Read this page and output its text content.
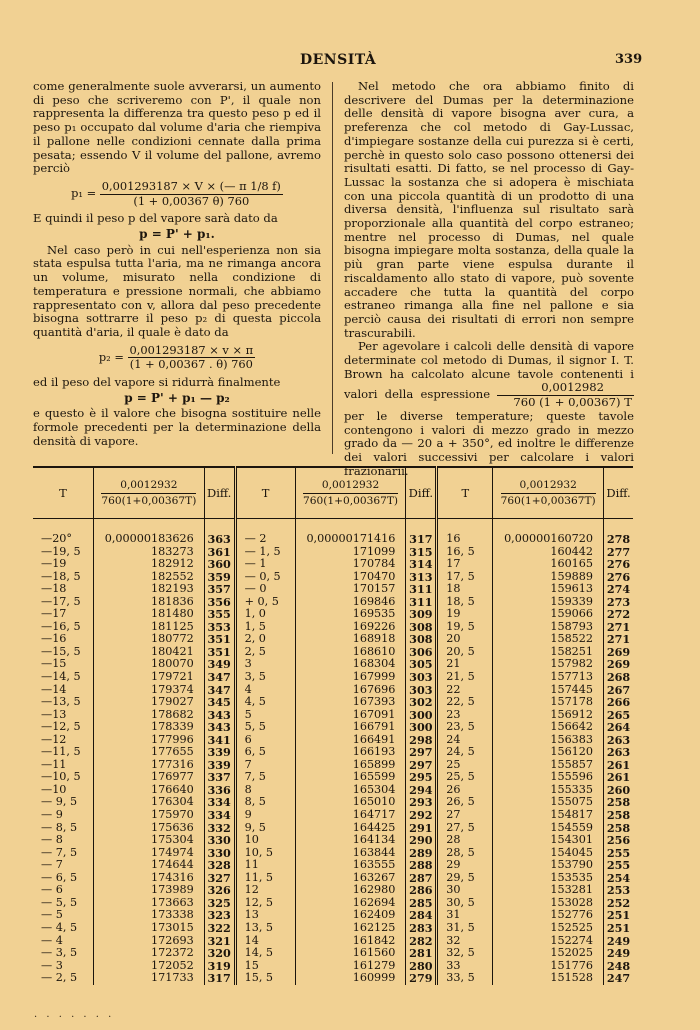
DENSITÀ	339

come generalmente suole avverarsi, un aumento di peso che scriveremo con P', il quale non rappresenta la differenza tra questo peso p ed il peso p₁ occupato dal volume d'aria che riempiva il pallone nelle condizioni cennate dalla prima pesata; essendo V il volume del pallone, avremo perciò

$p_1 = \frac{0,001293187 \times V \times (— \pi 1/8 f)}{(1 + 0,00367 \theta) 760}$

E quindi il peso p del vapore sarà dato da

p = P' + p₁.

Nel caso però in cui nell'esperienza non sia stata espulsa tutta l'aria, ma ne rimanga ancora un volume, misurato nella condizione di temperatura e pressione normali, che abbiamo rappresentato con v, allora dal peso precedente bisogna sottrarre il peso p₂ di questa piccola quantità d'aria, il quale è dato da

$p_2 = \frac{0,001293187 \times v \times \pi}{(1 + 0,00367 . \theta) 760}$

ed il peso del vapore si ridurrà finalmente

p = P' + p₁ — p₂

e questo è il valore che bisogna sostituire nelle formole precedenti per la determinazione della densità di vapore.

Nel metodo che ora abbiamo finito di descrivere del Dumas per la determinazione delle densità di vapore bisogna aver cura, a preferenza che col metodo di Gay-Lussac, d'impiegare sostanze della cui purezza si è certi, perchè in questo solo caso possono ottenersi dei risultati esatti. Di fatto, se nel processo di Gay-Lussac la sostanza che si adopera è mischiata con una piccola quantità di un prodotto di una diversa densità, l'influenza sul risultato sarà proporzionale alla quantità del corpo estraneo; mentre nel processo di Dumas, nel quale bisogna impiegare molta sostanza, della quale la più gran parte viene espulsa durante il riscaldamento allo stato di vapore, può sovente accadere che tutta la quantità del corpo estraneo rimanga alla fine nel pallone e sia perciò causa dei risultati di errori non sempre trascurabili.

Per agevolare i calcoli delle densità di vapore determinate col metodo di Dumas, il signor I. T. Brown ha calcolato alcune tavole contenenti i valori della espressione $\frac{0,0012982}{760 (1 + 0,00367) T}$
per le diverse temperature; queste tavole contengono i valori di mezzo grado in mezzo grado da — 20 a + 350°, ed inoltre le differenze dei valori successivi per calcolare i valori frazionarii.

T	$\frac{0,0012932}{760(1+0,00367T)}$	Diff.	T	$\frac{0,0012932}{760(1+0,00367T)}$	Diff.	T	$\frac{0,0012932}{760(1+0,00367T)}$	Diff.

—20°	0,00000183626	363	— 2	0,00000171416	317	16	0,00000160720	278
—19, 5	183273	361	— 1, 5	171099	315	16, 5	160442	277
—19	182912	360	— 1	170784	314	17	160165	276
—18, 5	182552	359	— 0, 5	170470	313	17, 5	159889	276
—18	182193	357	— 0	170157	311	18	159613	274
—17, 5	181836	356	+ 0, 5	169846	311	18, 5	159339	273
—17	181480	355	1, 0	169535	309	19	159066	272
—16, 5	181125	353	1, 5	169226	308	19, 5	158793	271
—16	180772	351	2, 0	168918	308	20	158522	271
—15, 5	180421	351	2, 5	168610	306	20, 5	158251	269
—15	180070	349	3	168304	305	21	157982	269
—14, 5	179721	347	3, 5	167999	303	21, 5	157713	268
—14	179374	347	4	167696	303	22	157445	267
—13, 5	179027	345	4, 5	167393	302	22, 5	157178	266
—13	178682	343	5	167091	300	23	156912	265
—12, 5	178339	343	5, 5	166791	300	23, 5	156642	264
—12	177996	341	6	166491	298	24	156383	263
—11, 5	177655	339	6, 5	166193	297	24, 5	156120	263
—11	177316	339	7	165899	297	25	155857	261
—10, 5	176977	337	7, 5	165599	295	25, 5	155596	261
—10	176640	336	8	165304	294	26	155335	260
— 9, 5	176304	334	8, 5	165010	293	26, 5	155075	258
— 9	175970	334	9	164717	292	27	154817	258
— 8, 5	175636	332	9, 5	164425	291	27, 5	154559	258
— 8	175304	330	10	164134	290	28	154301	256
— 7, 5	174974	330	10, 5	163844	289	28, 5	154045	255
— 7	174644	328	11	163555	288	29	153790	255
— 6, 5	174316	327	11, 5	163267	287	29, 5	153535	254
— 6	173989	326	12	162980	286	30	153281	253
— 5, 5	173663	325	12, 5	162694	285	30, 5	153028	252
— 5	173338	323	13	162409	284	31	152776	251
— 4, 5	173015	322	13, 5	162125	283	31, 5	152525	251
— 4	172693	321	14	161842	282	32	152274	249
— 3, 5	172372	320	14, 5	161560	281	32, 5	152025	249
— 3	172052	319	15	161279	280	33	151776	248
— 2, 5	171733	317	15, 5	160999	279	33, 5	151528	247
· · · · · · ·
